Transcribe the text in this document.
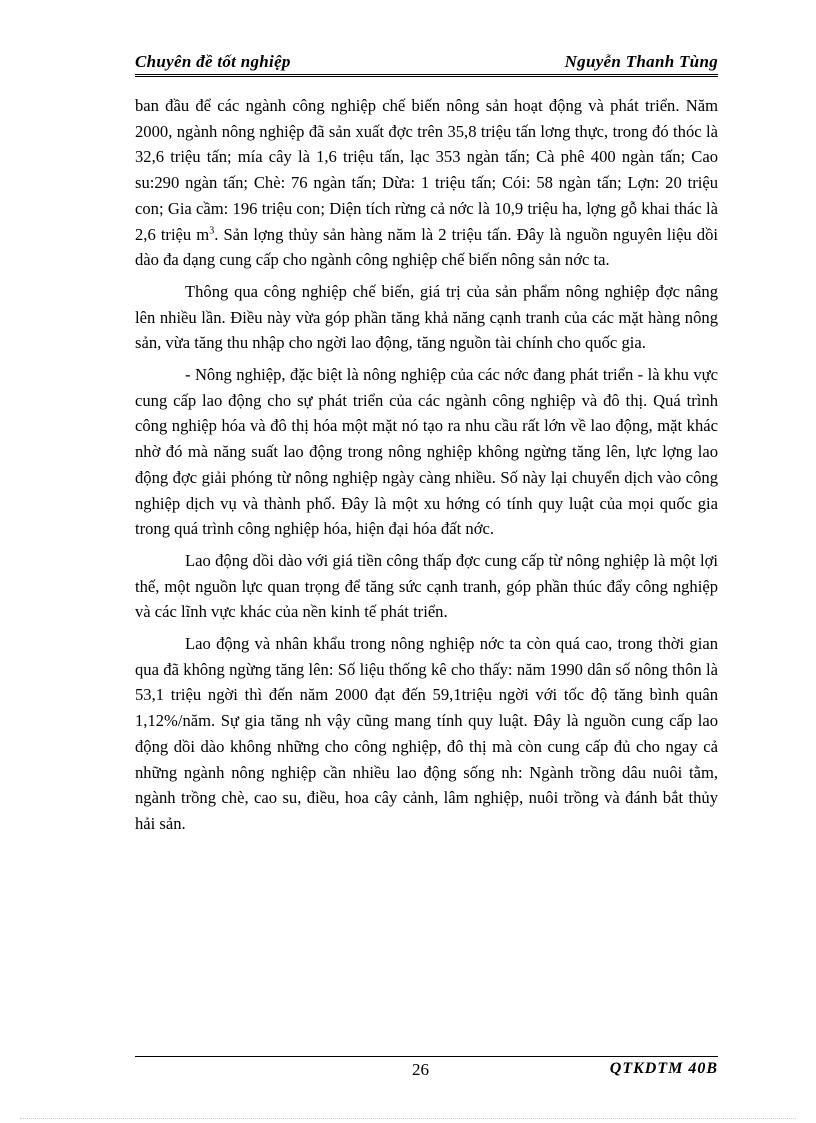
Chuyên đề tốt nghiệp	Nguyễn Thanh Tùng

ban đầu để các ngành công nghiệp chế biến nông sản hoạt động và phát triển. Năm 2000, ngành nông nghiệp đã sản xuất đợc trên 35,8 triệu tấn lơng thực, trong đó thóc là 32,6 triệu tấn; mía cây là 1,6 triệu tấn, lạc 353 ngàn tấn; Cà phê 400 ngàn tấn; Cao su:290 ngàn tấn; Chè: 76 ngàn tấn; Dừa: 1 triệu tấn; Cói: 58 ngàn tấn; Lợn: 20 triệu con; Gia cầm: 196 triệu con; Diện tích rừng cả nớc là 10,9 triệu ha, lợng gỗ khai thác là 2,6 triệu $m^3$. Sản lợng thủy sản hàng năm là 2 triệu tấn. Đây là nguồn nguyên liệu dồi dào đa dạng cung cấp cho ngành công nghiệp chế biến nông sản nớc ta.

Thông qua công nghiệp chế biến, giá trị của sản phẩm nông nghiệp đợc nâng lên nhiều lần. Điều này vừa góp phần tăng khả năng cạnh tranh của các mặt hàng nông sản, vừa tăng thu nhập cho ngời lao động, tăng nguồn tài chính cho quốc gia.

- Nông nghiệp, đặc biệt là nông nghiệp của các nớc đang phát triển - là khu vực cung cấp lao động cho sự phát triển của các ngành công nghiệp và đô thị. Quá trình công nghiệp hóa và đô thị hóa một mặt nó tạo ra nhu cầu rất lớn về lao động, mặt khác nhờ đó mà năng suất lao động trong nông nghiệp không ngừng tăng lên, lực lợng lao động đợc giải phóng từ nông nghiệp ngày càng nhiều. Số này lại chuyển dịch vào công nghiệp dịch vụ và thành phố. Đây là một xu hớng có tính quy luật của mọi quốc gia trong quá trình công nghiệp hóa, hiện đại hóa đất nớc.

Lao động dồi dào với giá tiền công thấp đợc cung cấp từ nông nghiệp là một lợi thế, một nguồn lực quan trọng để tăng sức cạnh tranh, góp phần thúc đẩy công nghiệp và các lĩnh vực khác của nền kinh tế phát triển.

Lao động và nhân khẩu trong nông nghiệp nớc ta còn quá cao, trong thời gian qua đã không ngừng tăng lên: Số liệu thống kê cho thấy: năm 1990 dân số nông thôn là 53,1 triệu ngời thì đến năm 2000 đạt đến 59,1triệu ngời với tốc độ tăng bình quân 1,12%/năm. Sự gia tăng nh vậy cũng mang tính quy luật. Đây là nguồn cung cấp lao động dồi dào không những cho công nghiệp, đô thị mà còn cung cấp đủ cho ngay cả những ngành nông nghiệp cần nhiều lao động sống nh: Ngành trồng dâu nuôi tằm, ngành trồng chè, cao su, điều, hoa cây cảnh, lâm nghiệp, nuôi trồng và đánh bắt thủy hải sản.

26	QTKDTM 40B
